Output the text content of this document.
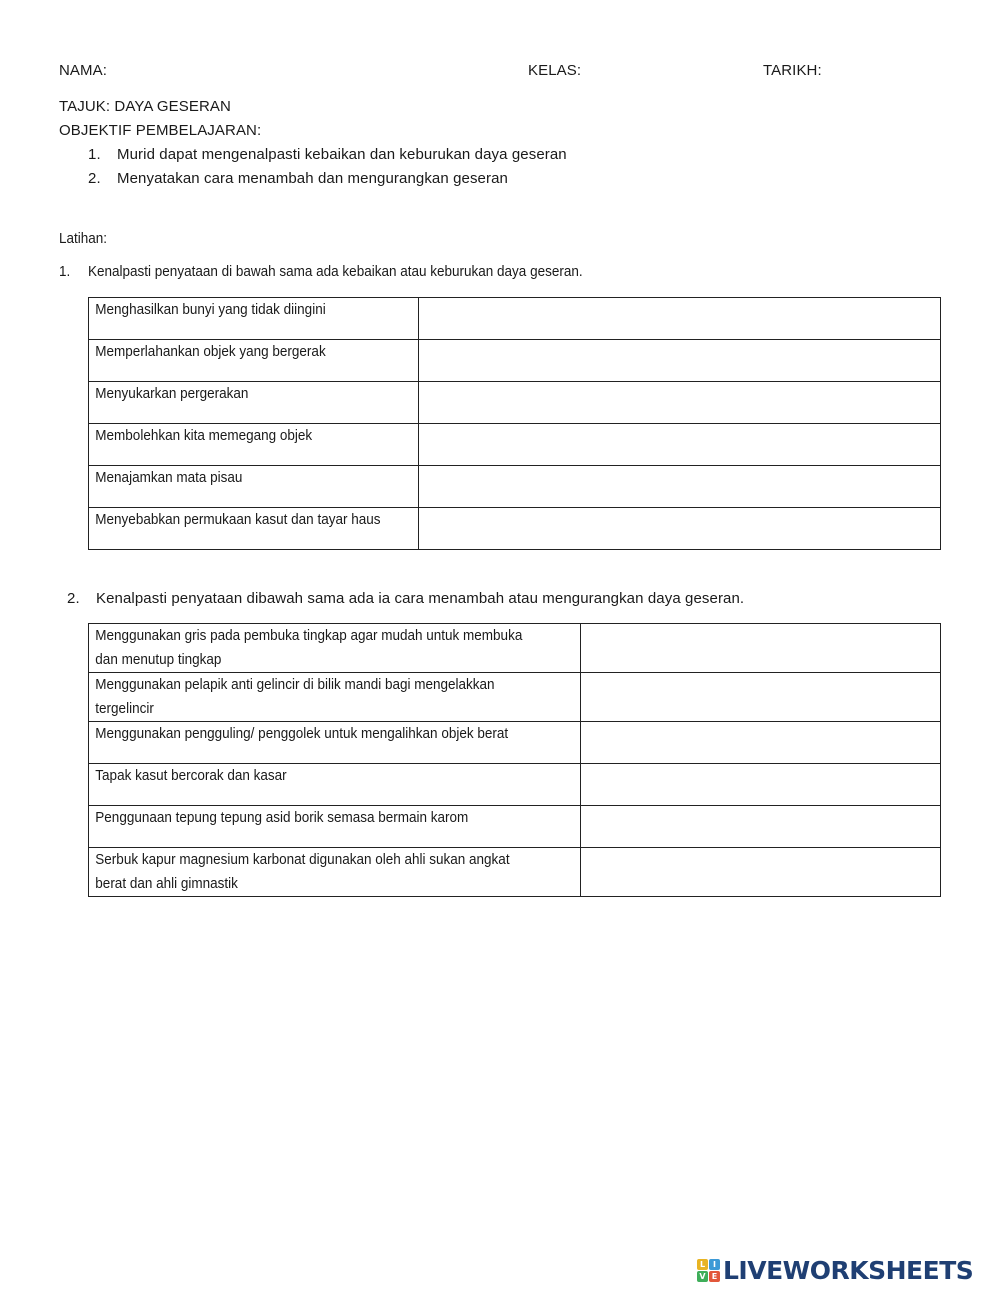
NAMA:	KELAS:	TARIKH:
TAJUK: DAYA GESERAN
OBJEKTIF PEMBELAJARAN:
1. Murid dapat mengenalpasti kebaikan dan keburukan daya geseran
2. Menyatakan cara menambah dan mengurangkan geseran
Latihan:
1. Kenalpasti penyataan di bawah sama ada kebaikan atau keburukan daya geseran.
Menghasilkan bunyi yang tidak diingini	

Memperlahankan objek yang bergerak	

Menyukarkan pergerakan	

Membolehkan kita memegang objek	

Menajamkan mata pisau	

Menyebabkan permukaan kasut dan tayar haus	

2. Kenalpasti penyataan dibawah sama ada ia cara menambah atau mengurangkan daya geseran.
Menggunakan gris pada pembuka tingkap agar mudah untuk membuka
dan menutup tingkap	

Menggunakan pelapik anti gelincir di bilik mandi bagi mengelakkan
tergelincir	

Menggunakan pengguling/ penggolek untuk mengalihkan objek berat	

Tapak kasut bercorak dan kasar	

Penggunaan tepung tepung asid borik semasa bermain karom	

Serbuk kapur magnesium karbonat digunakan oleh ahli sukan angkat
berat dan ahli gimnastik	

L I
V E LIVEWORKSHEETS
